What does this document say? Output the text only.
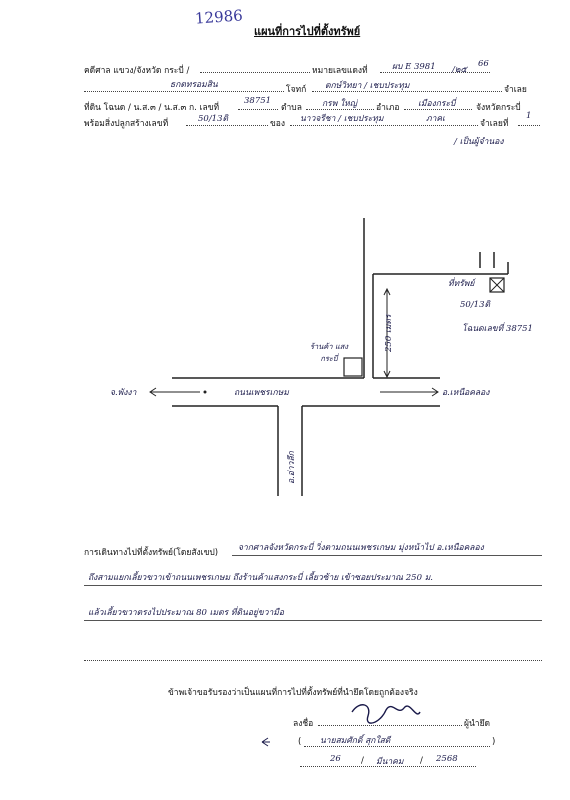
12986
แผนที่การไปที่ตั้งทรัพย์
คดีศาล แขวง/จังหวัด กระบี่ /	หมายเลขแดงที่	ผบ E 3981 /๒๕
66
ธกตทรอมสิน	โจทก์ ตกษ์วิทยา / เชบประทุม	จำเลย
ที่ดิน โฉนด / น.ส.๓ / น.ส.๓ ก. เลขที่
38751
ตำบล กรพ ใหญ่ อำเภอ เมืองกระบี่ จังหวัดกระบี่
พร้อมสิ่งปลูกสร้างเลขที่	50/13ติ	ของ นาวจรีชา / เชบประทุม	ภาคเ	จำเลยที่
1
/ เป็นผู้จำนอง
ที่ทรัพย์
50/13ติ
โฉนดเลขที่ 38751
250 เมตร
ร้านค้า แสง กระบี่
ถนนเพชรเกษม
จ.พังงา	อ.เหนือคลอง
อ.อ่าวลึก
การเดินทางไปที่ตั้งทรัพย์(โดยสังเขป) จากศาลจังหวัดกระบี่ วิ่งตามถนนเพชรเกษม มุ่งหน้าไป อ.เหนือคลอง
ถึงสามแยกเลี้ยวขวาเข้าถนนเพชรเกษม ถึงร้านค้าแสงกระบี่ เลี้ยวซ้าย เข้าซอยประมาณ 250 ม.
แล้วเลี้ยวขวาตรงไปประมาณ 80 เมตร ที่ดินอยู่ขวามือ
ข้าพเจ้าขอรับรองว่าเป็นแผนที่การไปที่ตั้งทรัพย์ที่นำยึดโดยถูกต้องจริง
ลงชื่อ	ผู้นำยึด
( นายสมศักดิ์ สุกใสดี	)
26 / มีนาคม / 2568
